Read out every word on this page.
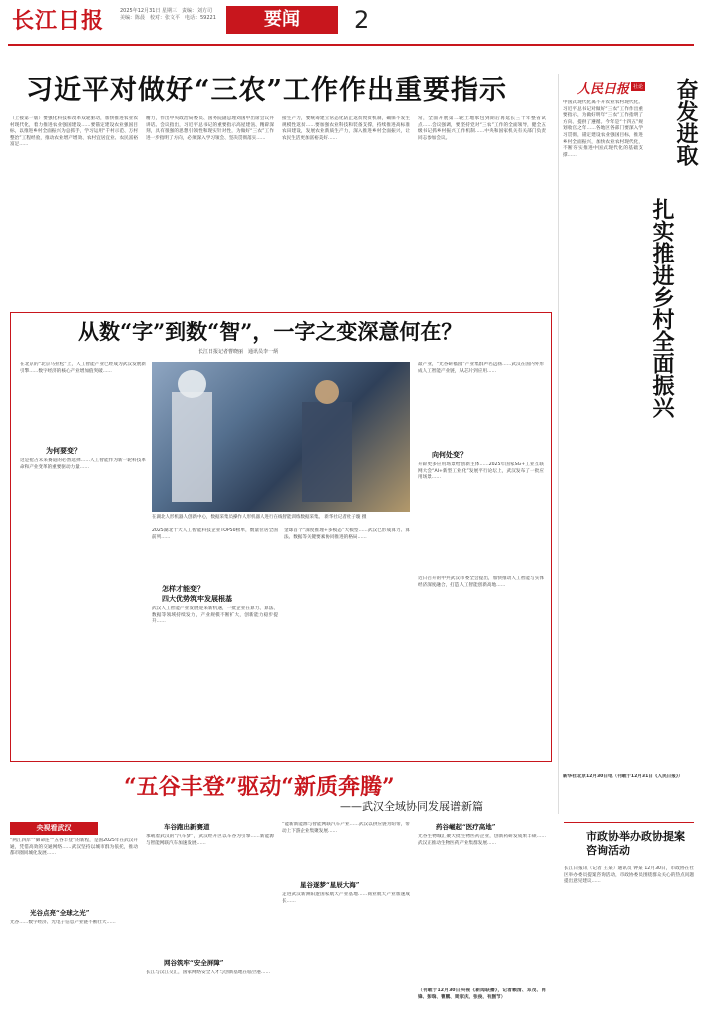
长江日报	2025年12月31日 星期三　责编：刘方司　美编：陈晨　校对：张文平　电话：59221	要闻	2
习近平对做好“三农”工作作出重要指示
（上接第一版）要强化科技和改革双轮驱动，加快推进农业农村现代化，着力推进农业强国建设……要锚定建设农业强国目标，以推进乡村全面振兴为总抓手，学习运用“千村示范、万村整治”工程经验，推动农业增产增效、农村宜居宜业、农民富裕富足……
精力，作出中央政治局委员、国务院副总理刘国中出席会议并讲话。会议指出，习近平总书记的重要指示高屋建瓴、精辟深刻，具有很强的思想引领性和现实针对性，为做好“三农”工作进一步指明了方向，必须深入学习领会、坚决贯彻落实……
接生产力，要统筹建立常态化防止返贫致贫机制，确保不发生规模性返贫……要加强农业科技和装备支撑，持续推进高标准农田建设，发展农业新质生产力，深入推进乡村全面振兴，让农民生活更加富裕美好……
常，全面开展第二轮土地承包到期后再延长三十年整省试点……会议强调，要坚持党对“三农”工作的全面领导，健全五级书记抓乡村振兴工作机制……中央和国家机关有关部门负责同志参加会议。
人民日报 社论 奋发进取
扎实推进乡村全面振兴
中国式现代化离不开农业农村现代化。习近平总书记对做好“三农”工作作出重要指示，为做好明年“三农”工作指明了方向、提供了遵循。今年是“十四五”规划收官之年……各地区各部门要深入学习贯彻，锚定建设农业强国目标，推进乡村全面振兴，加快农业农村现代化，不断夯实推进中国式现代化的基础支撑……
新华社北京12月30日电（刊载于12月31日《人民日报》）
从数“字”到数“智”，一字之变深意何在？
长江日报记者曹晓丽　通讯员李一炳
在北京的“北京马拉松”上，人工智能产业已经成为武汉发展新引擎……数字经济的核心产业增加值突破……
为何要变？
这是抢占未来赛道的必然选择……人工智能作为新一轮科技革命和产业变革的重要驱动力量……
在湖北人形机器人创新中心，数据采集员操作人形机器人进行在线智能训练数据采集。 新华社记者杜子璇 摄
2025湖北十大人工智能科技企业TOP50榜单，数量位居全国前列……
怎样才能变？
四大优势筑牢发展根基
武汉人工智能产业发展迎来新机遇，一批企业在算力、算法、数据等领域持续发力，产业规模不断扩大，创新能力稳步提升……
金球首个“深度推理+多模态”大模型……武汉已形成算力、算法、数据等关键要素协同推进的格局……
最产业，“光谷研福园”产业集群声名远扬……武汉在国内外形成人工智能产业链，从芯片到应用……
向何处变？
开辟更多应用场景给创新主体……2025年国家SG+工业互联网大会“AI+新型工业化”发展平行论坛上，武汉发布了一批应用场景……
近日召开的中共武汉市委全会提出，加快推动人工智能与实体经济深度融合，打造人工智能创新高地……
“五谷丰登”驱动“新质奔腾”
——武汉全域协同发展谱新篇
央视看武汉
“两江四岸”“御命连”“五谷丰登”的新程，是国2025年在武汉开通，凭借高效的交通网络……武汉坚持以城市群为依托，推动都市圈同城化发展……
光谷点亮“全球之光”
光谷……数字经济、光电子信息产业链不断壮大……
车谷跑出新赛道
承载着武汉的“汽车梦”，武汉经开区以车谷为引擎……新能源与智能网联汽车加速发展……
网谷筑牢“安全屏障”
长江与汉江交汇，国家网络安全人才与创新基地在临空港……
“能新新能源与智能网联汽车产业……武汉以供应链为纽带，带动上下游企业集聚发展……
星谷逐梦“星辰大海”
走进武汉新洲阳逻国家航天产业基地……商业航天产业加速成长……
药谷崛起“医疗高地”
光谷生物城汇聚大批生物医药企业，创新药研发成果丰硕……武汉正推动生物医药产业集群发展……
（刊载于12月30日央视《新闻联播》，记者赖清、邓茂、肖锋、彭瑞、曹鹏、周家庆、张俊、有删节）
市政协举办政协提案咨询活动
长江日报讯（记者 王某）通讯员 钟某 12月30日，市政协在社区举办委员提案咨询活动，市政协委员围绕群众关心的热点问题提出意见建议……
